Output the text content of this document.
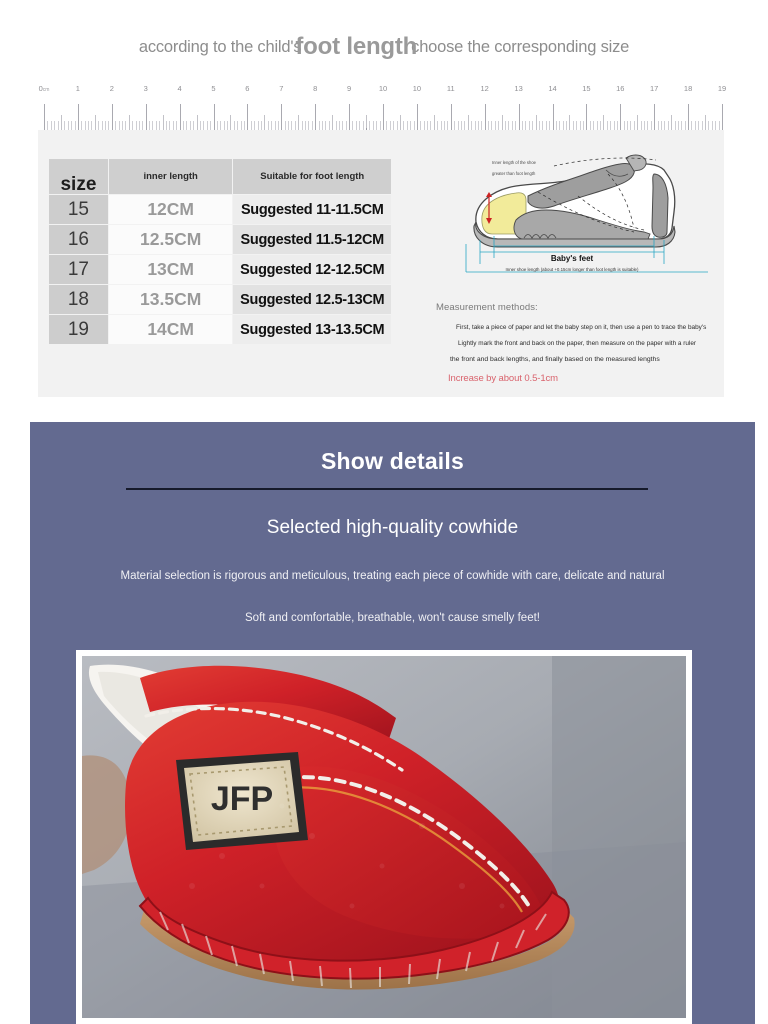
according to the child'sfoot lengthchoose the corresponding size
0cm	1	2	3	4	5	6	7	8	9	10	10	11	12	13	14	15	16	17	18	19
size	inner length	Suitable for foot length
15	12CM	Suggested 11-11.5CM
16	12.5CM	Suggested 11.5-12CM
17	13CM	Suggested 12-12.5CM
18	13.5CM	Suggested 12.5-13CM
19	14CM	Suggested 13-13.5CM
Inner length of the shoe
greater than foot length
Baby's feet
Inner shoe length (about +0.15cm longer than foot length is suitable)
Measurement methods:
First, take a piece of paper and let the baby step on it, then use a pen to trace the baby's
Lightly mark the front and back on the paper, then measure on the paper with a ruler
the front and back lengths, and finally based on the measured lengths
Increase by about 0.5-1cm
Show details
Selected high-quality cowhide
Material selection is rigorous and meticulous, treating each piece of cowhide with care, delicate and natural
Soft and comfortable, breathable, won't cause smelly feet!
JFP
